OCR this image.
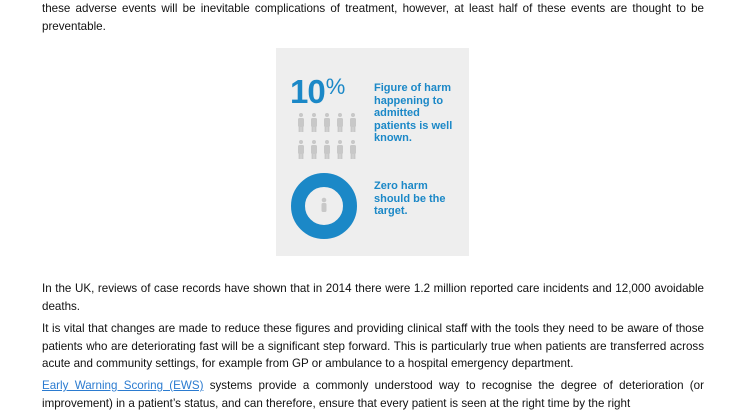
these adverse events will be inevitable complications of treatment, however, at least half of these events are thought to be preventable.

10%	Figure of harm happening to admitted patients is well known.

Zero harm should be the target.

In the UK, reviews of case records have shown that in 2014 there were 1.2 million reported care incidents and 12,000 avoidable deaths.

It is vital that changes are made to reduce these figures and providing clinical staff with the tools they need to be aware of those patients who are deteriorating fast will be a significant step forward. This is particularly true when patients are transferred across acute and community settings, for example from GP or ambulance to a hospital emergency department.

Early Warning Scoring (EWS) systems provide a commonly understood way to recognise the degree of deterioration (or improvement) in a patient’s status, and can therefore, ensure that every patient is seen at the right time by the right
